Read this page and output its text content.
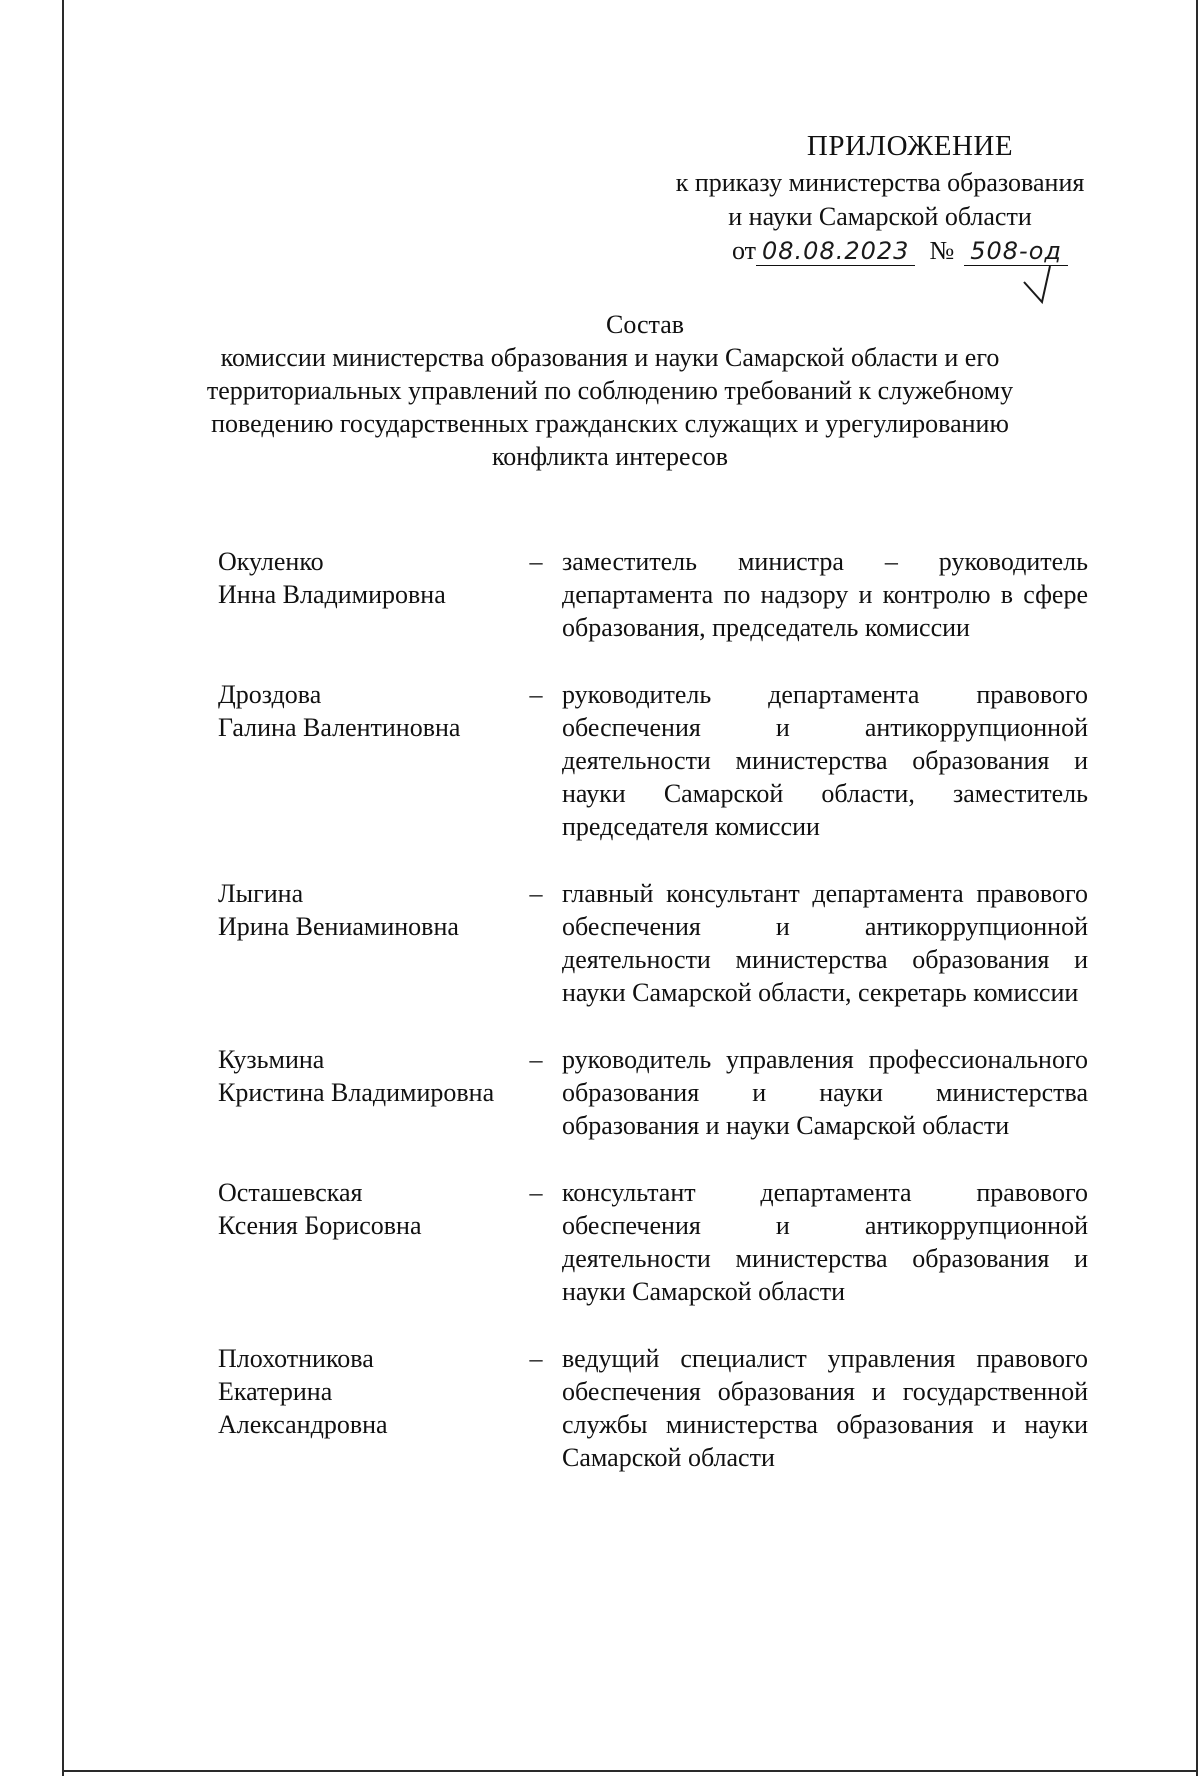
ПРИЛОЖЕНИЕ
к приказу министерства образования
и науки Самарской области
от 08.08.2023 № 508-од
Состав
комиссии министерства образования и науки Самарской области и его территориальных управлений по соблюдению требований к служебному поведению государственных гражданских служащих и урегулированию конфликта интересов
Окуленко
Инна Владимировна
– заместитель министра – руководитель департамента по надзору и контролю в сфере образования, председатель комиссии
Дроздова
Галина Валентиновна
– руководитель департамента правового обеспечения и антикоррупционной деятельности министерства образования и науки Самарской области, заместитель председателя комиссии
Лыгина
Ирина Вениаминовна
– главный консультант департамента правового обеспечения и антикоррупционной деятельности министерства образования и науки Самарской области, секретарь комиссии
Кузьмина
Кристина Владимировна
– руководитель управления профессионального образования и науки министерства образования и науки Самарской области
Осташевская
Ксения Борисовна
– консультант департамента правового обеспечения и антикоррупционной деятельности министерства образования и науки Самарской области
Плохотникова
Екатерина
Александровна
– ведущий специалист управления правового обеспечения образования и государственной службы министерства образования и науки Самарской области
